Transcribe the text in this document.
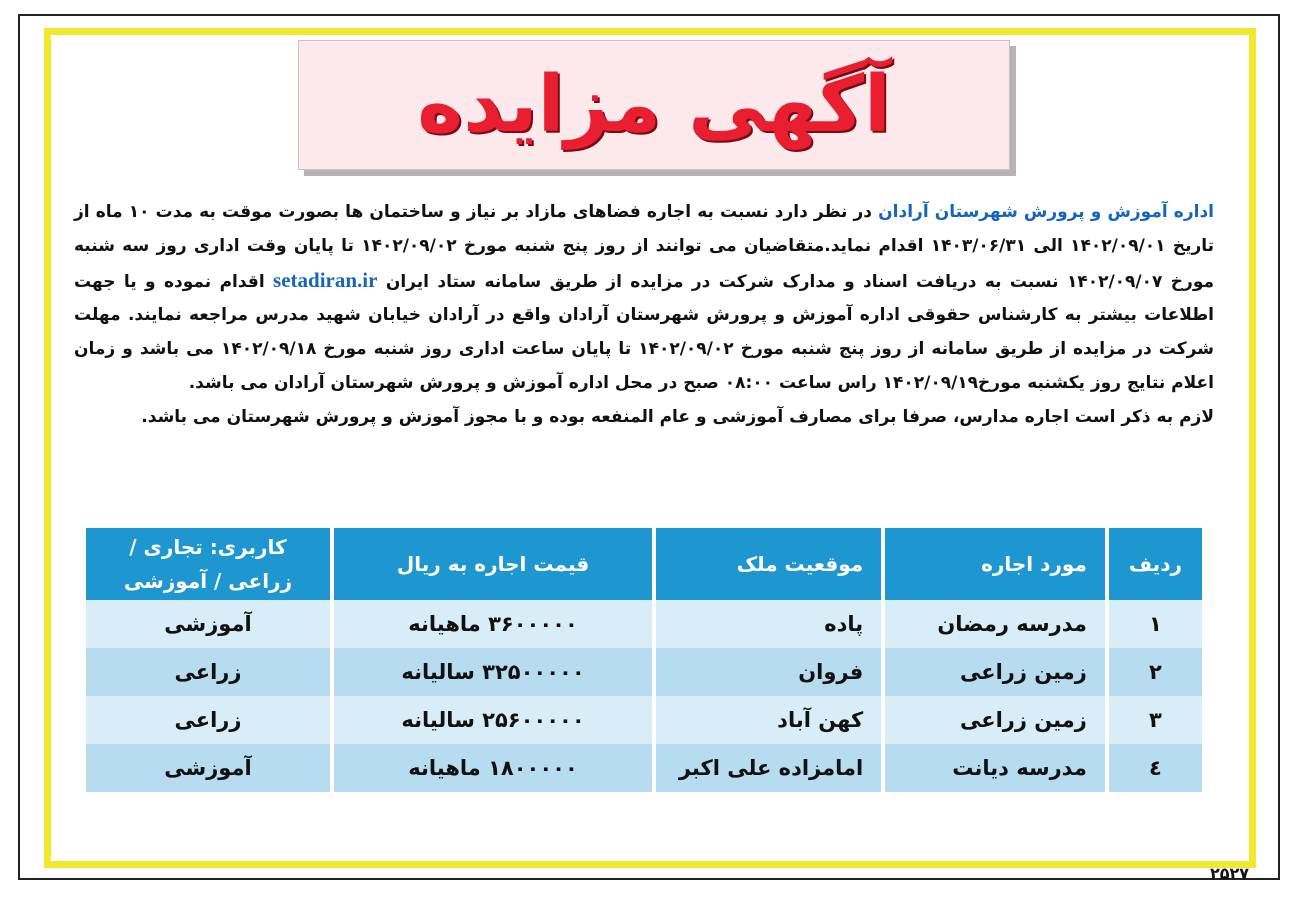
آگهی مزایده

اداره آموزش و پرورش شهرستان آرادان در نظر دارد نسبت به اجاره فضاهای مازاد بر نیاز و ساختمان ها بصورت موقت به مدت ۱۰ ماه از تاریخ ۱۴۰۲/۰۹/۰۱ الی ۱۴۰۳/۰۶/۳۱ اقدام نماید.متقاضیان می توانند از روز پنج شنبه مورخ ۱۴۰۲/۰۹/۰۲ تا پایان وقت اداری روز سه شنبه مورخ ۱۴۰۲/۰۹/۰۷ نسبت به دریافت اسناد و مدارک شرکت در مزایده از طریق سامانه ستاد ایران setadiran.ir اقدام نموده و یا جهت اطلاعات بیشتر به کارشناس حقوقی اداره آموزش و پرورش شهرستان آرادان واقع در آرادان خیابان شهید مدرس مراجعه نمایند. مهلت شرکت در مزایده از طریق سامانه از روز پنج شنبه مورخ ۱۴۰۲/۰۹/۰۲ تا پایان ساعت اداری روز شنبه مورخ ۱۴۰۲/۰۹/۱۸ می باشد و زمان اعلام نتایج روز یکشنبه مورخ۱۴۰۲/۰۹/۱۹ راس ساعت ۰۸:۰۰ صبح در محل اداره آموزش و پرورش شهرستان آرادان می باشد.

لازم به ذکر است اجاره مدارس، صرفا برای مصارف آموزشی و عام المنفعه بوده و با مجوز آموزش و پرورش شهرستان می باشد.

ردیف	مورد اجاره	موقعیت ملک	قیمت اجاره به ریال	کاربری: تجاری / زراعی / آموزشی
۱	مدرسه رمضان	پاده	۳۶۰۰۰۰۰ ماهیانه	آموزشی
۲	زمین زراعی	فروان	۳۲۵۰۰۰۰۰ سالیانه	زراعی
۳	زمین زراعی	کهن آباد	۲۵۶۰۰۰۰۰ سالیانه	زراعی
٤	مدرسه دیانت	امامزاده علی اکبر	۱۸۰۰۰۰۰ ماهیانه	آموزشی
۲۵۲۷
